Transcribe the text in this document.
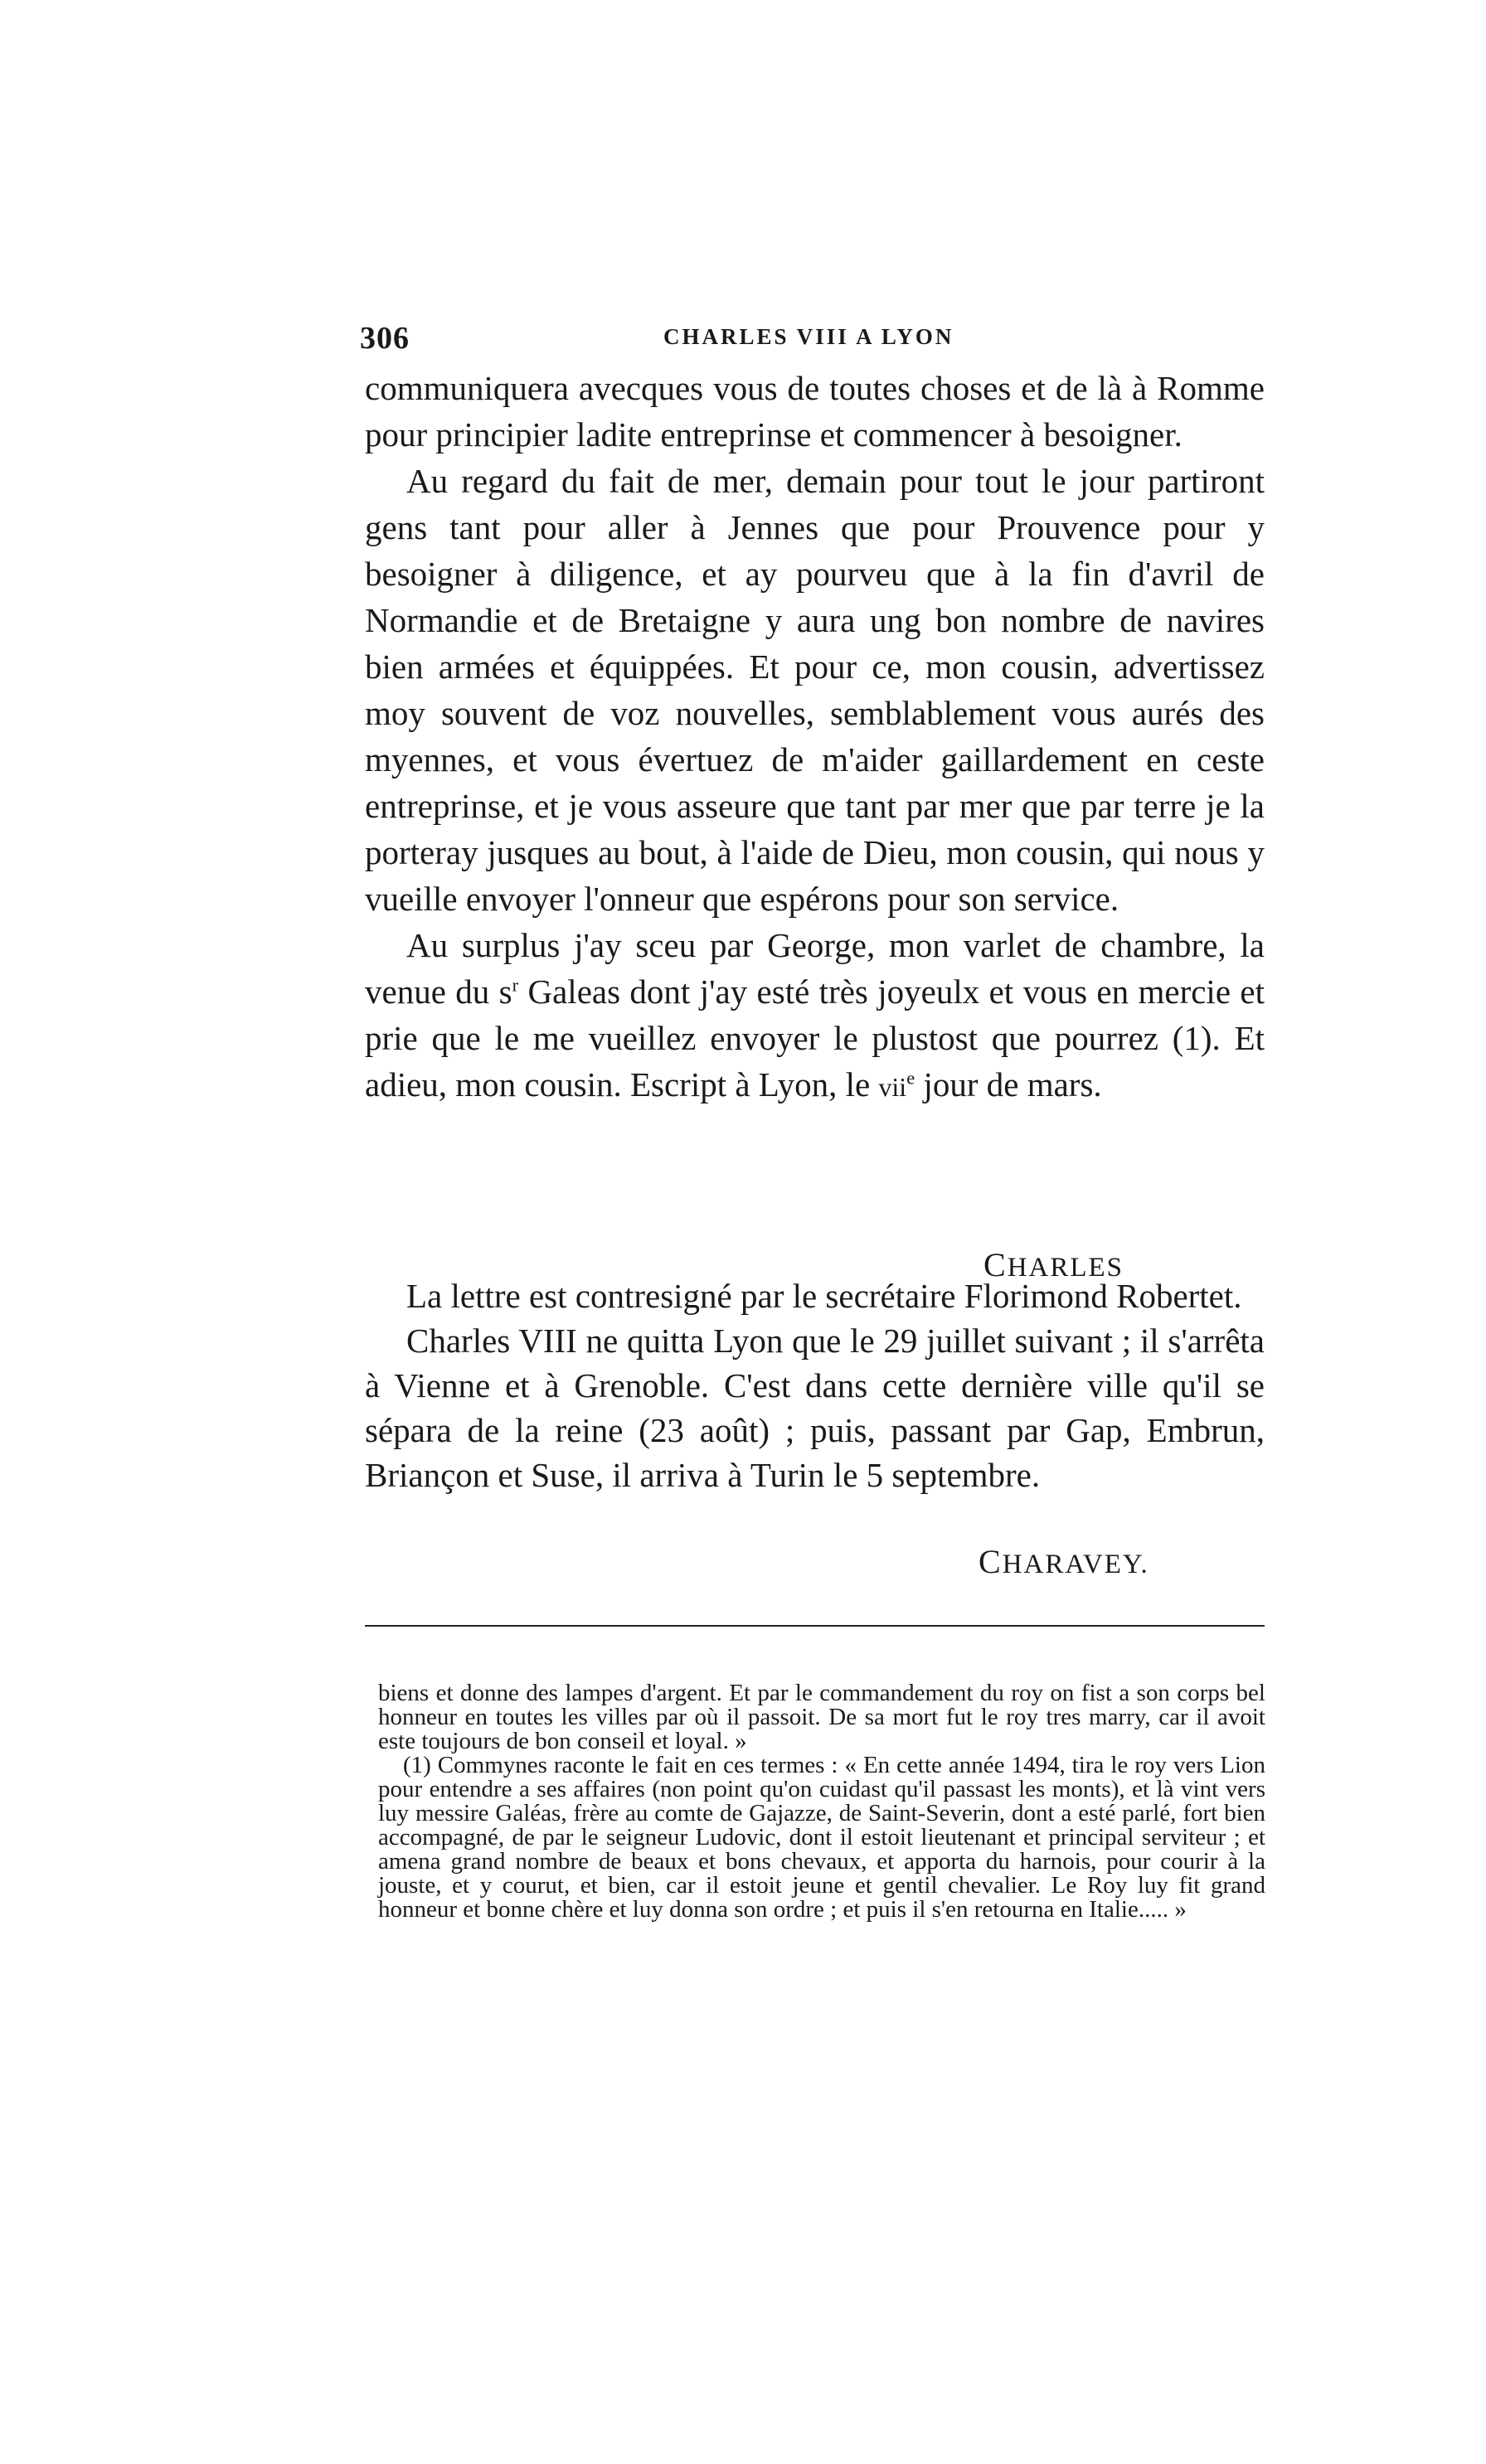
306	CHARLES VIII A LYON

communiquera avecques vous de toutes choses et de là à Romme pour principier ladite entreprinse et commencer à besoigner.

Au regard du fait de mer, demain pour tout le jour partiront gens tant pour aller à Jennes que pour Prouvence pour y besoigner à diligence, et ay pourveu que à la fin d'avril de Normandie et de Bretaigne y aura ung bon nombre de navires bien armées et équippées. Et pour ce, mon cousin, advertissez moy souvent de voz nouvelles, semblablement vous aurés des myennes, et vous évertuez de m'aider gaillardement en ceste entreprinse, et je vous asseure que tant par mer que par terre je la porteray jusques au bout, à l'aide de Dieu, mon cousin, qui nous y vueille envoyer l'onneur que espérons pour son service.

Au surplus j'ay sceu par George, mon varlet de chambre, la venue du $s^r$ Galeas dont j'ay esté très joyeulx et vous en mercie et prie que le me vueillez envoyer le plustost que pourrez (1). Et adieu, mon cousin. Escript à Lyon, le vii$^e$ jour de mars.

CHARLES

La lettre est contresigné par le secrétaire Florimond Robertet.

Charles VIII ne quitta Lyon que le 29 juillet suivant ; il s'arrêta à Vienne et à Grenoble. C'est dans cette dernière ville qu'il se sépara de la reine (23 août) ; puis, passant par Gap, Embrun, Briançon et Suse, il arriva à Turin le 5 septembre.

CHARAVEY.

biens et donne des lampes d'argent. Et par le commandement du roy on fist a son corps bel honneur en toutes les villes par où il passoit. De sa mort fut le roy tres marry, car il avoit este toujours de bon conseil et loyal. »

(1) Commynes raconte le fait en ces termes : « En cette année 1494, tira le roy vers Lion pour entendre a ses affaires (non point qu'on cuidast qu'il passast les monts), et là vint vers luy messire Galéas, frère au comte de Gajazze, de Saint-Severin, dont a esté parlé, fort bien accompagné, de par le seigneur Ludovic, dont il estoit lieutenant et principal serviteur ; et amena grand nombre de beaux et bons chevaux, et apporta du harnois, pour courir à la jouste, et y courut, et bien, car il estoit jeune et gentil chevalier. Le Roy luy fit grand honneur et bonne chère et luy donna son ordre ; et puis il s'en retourna en Italie..... »
